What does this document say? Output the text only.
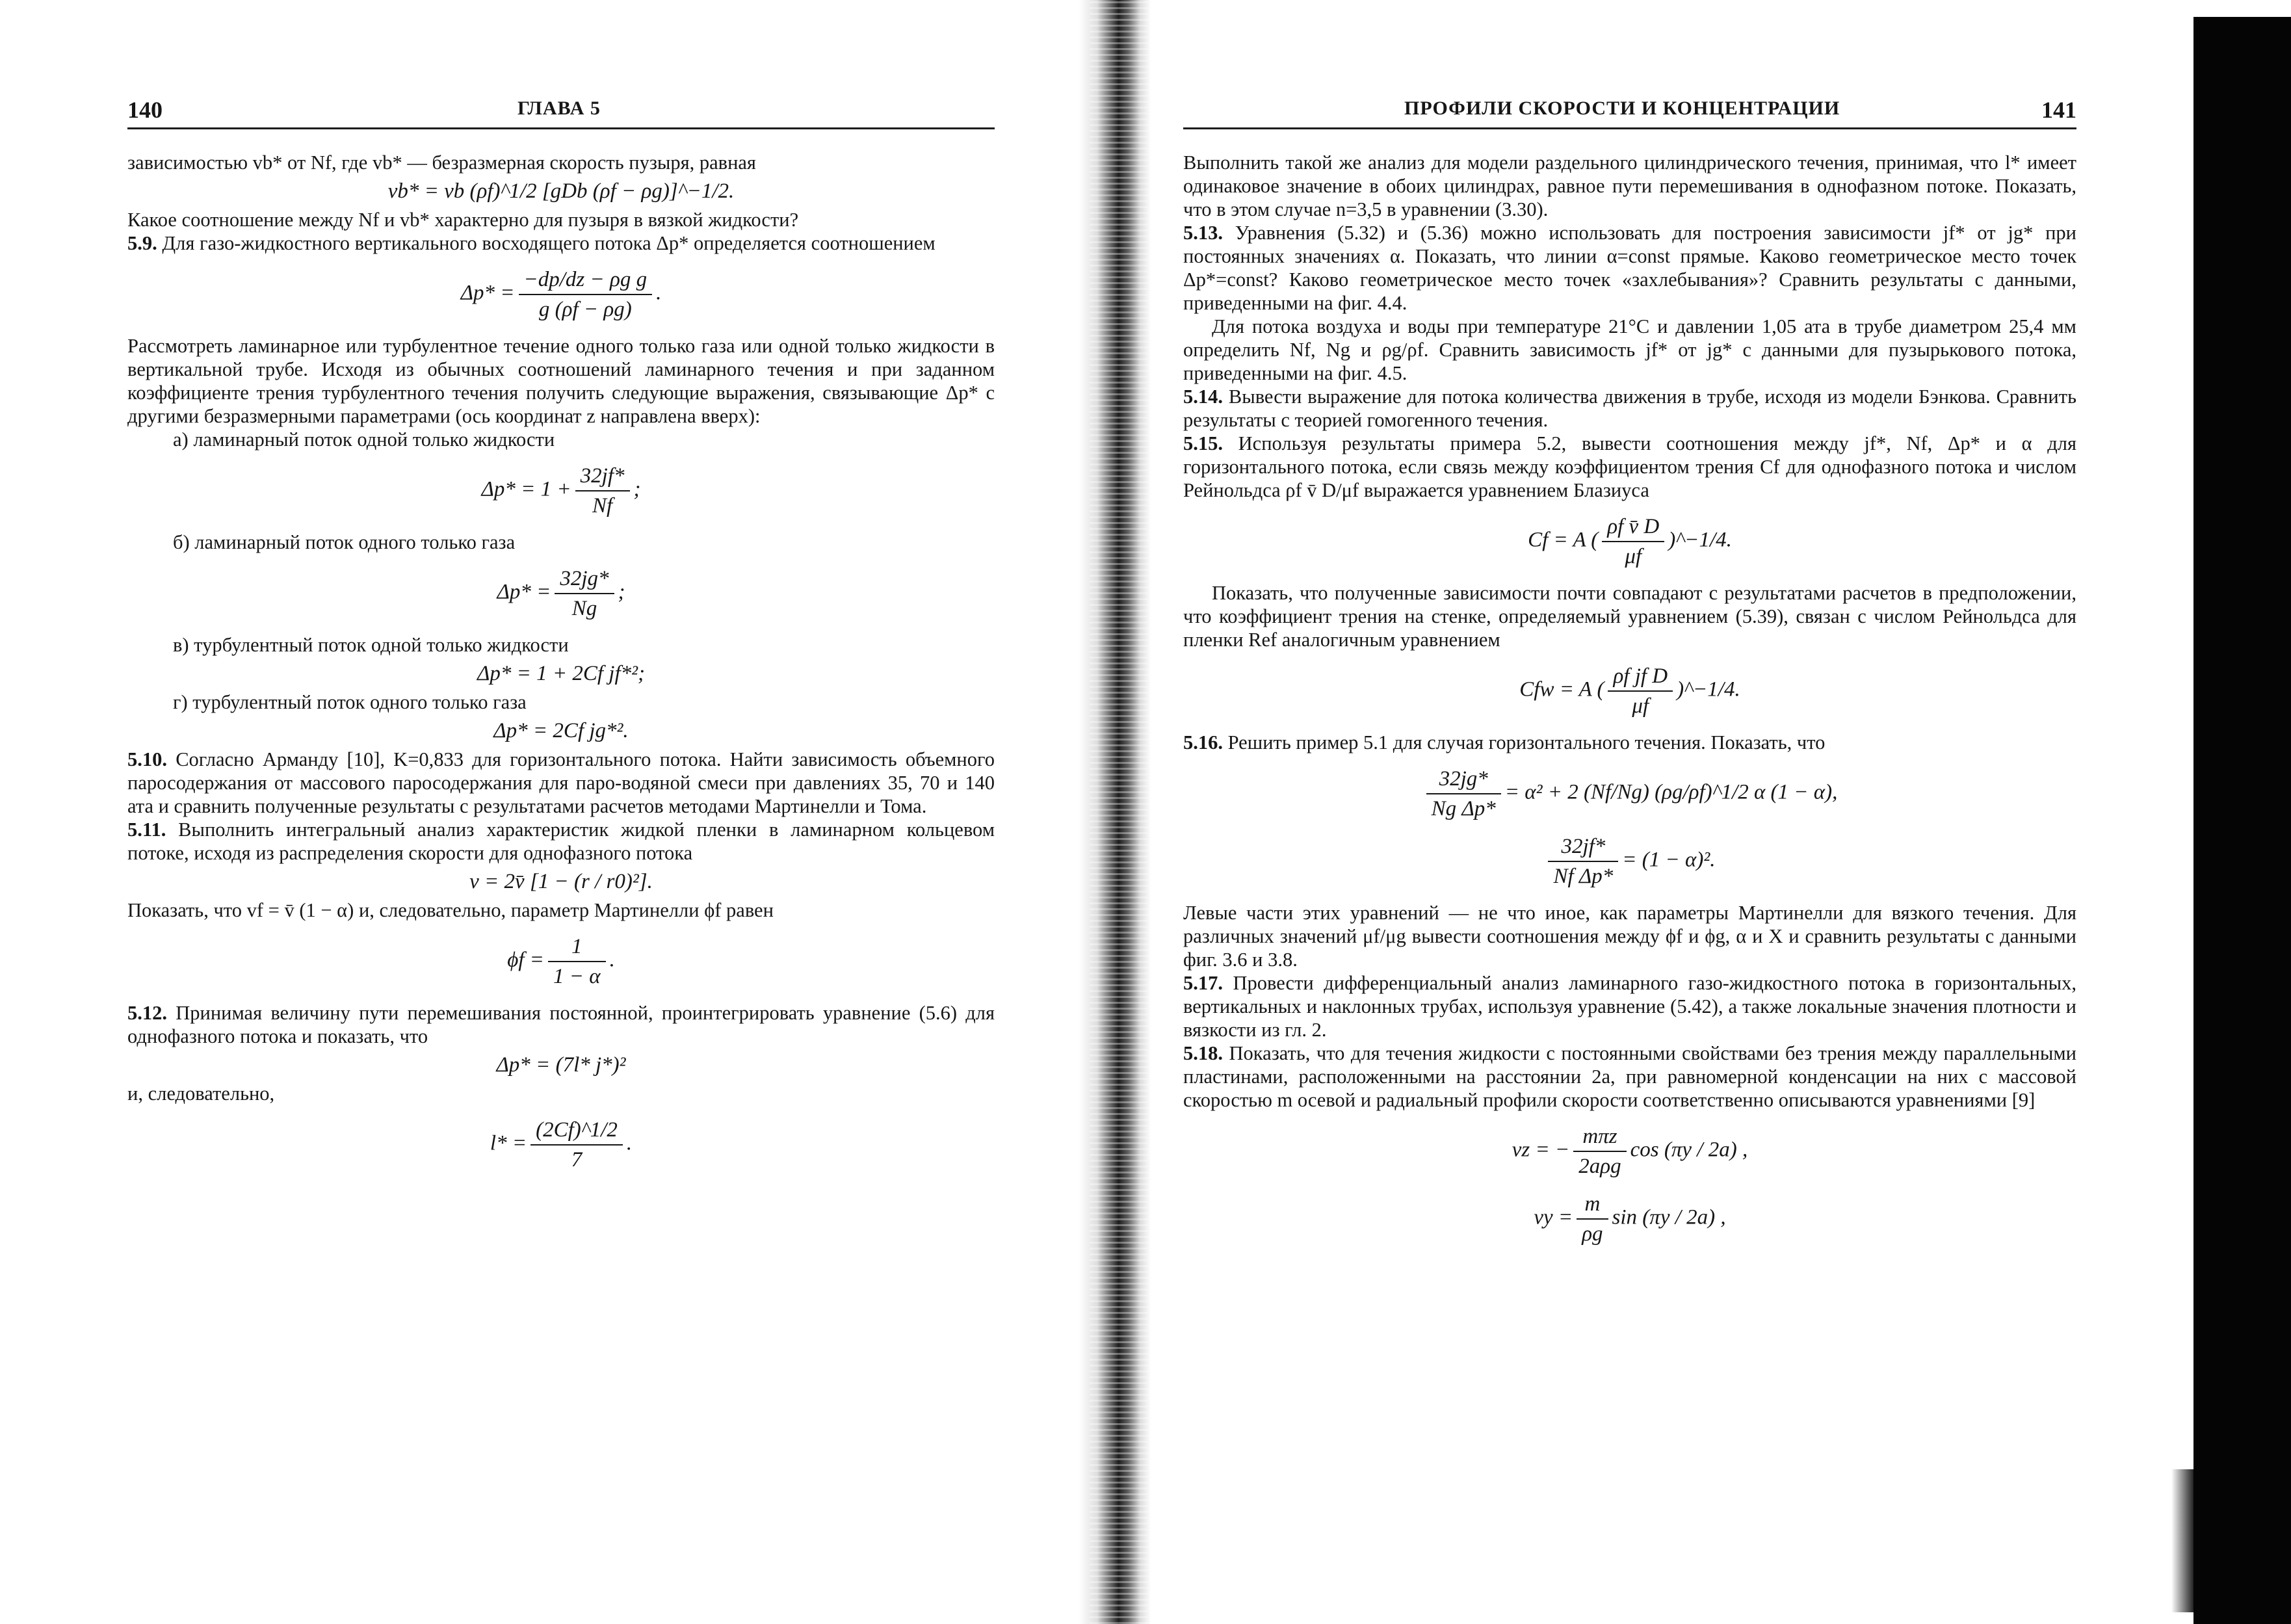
140	ГЛАВА 5

зависимостью vb* от Nf, где vb* — безразмерная скорость пузыря, равная

vb* = vb (ρf)^1/2 [gDb (ρf − ρg)]^−1/2.

Какое соотношение между Nf и vb* характерно для пузыря в вязкой жидкости?

5.9. Для газо-жидкостного вертикального восходящего потока Δp* определяется соотношением

$\Delta p* = \frac{\text{−dp/dz − ρg g}}{g (\rho f - \rho g)}$ .

Рассмотреть ламинарное или турбулентное течение одного только газа или одной только жидкости в вертикальной трубе. Исходя из обычных соотношений ламинарного течения и при заданном коэффициенте трения турбулентного течения получить следующие выражения, связывающие Δp* с другими безразмерными параметрами (ось координат z направлена вверх):

а) ламинарный поток одной только жидкости

$\Delta p* = 1 + \frac{32jf*}{Nf}$ ;

б) ламинарный поток одного только газа

$\Delta p* = \frac{32jg*}{Ng}$ ;

в) турбулентный поток одной только жидкости

Δp* = 1 + 2Cf jf*²;

г) турбулентный поток одного только газа

Δp* = 2Cf jg*².

5.10. Согласно Арманду [10], K=0,833 для горизонтального потока. Найти зависимость объемного паросодержания от массового паросодержания для паро-водяной смеси при давлениях 35, 70 и 140 ата и сравнить полученные результаты с результатами расчетов методами Мартинелли и Тома.

5.11. Выполнить интегральный анализ характеристик жидкой пленки в ламинарном кольцевом потоке, исходя из распределения скорости для однофазного потока

v = 2v̄ [1 − (r / r0)²].

Показать, что vf = v̄ (1 − α) и, следовательно, параметр Мартинелли ϕf равен

$\phi f = \frac{1}{1 - \alpha}$ .

5.12. Принимая величину пути перемешивания постоянной, проинтегрировать уравнение (5.6) для однофазного потока и показать, что

Δp* = (7l* j*)²

и, следовательно,

$l* = \frac{(2Cf)\^{}1/2}{7}$ .
ПРОФИЛИ СКОРОСТИ И КОНЦЕНТРАЦИИ	141

Выполнить такой же анализ для модели раздельного цилиндрического течения, принимая, что l* имеет одинаковое значение в обоих цилиндрах, равное пути перемешивания в однофазном потоке. Показать, что в этом случае n=3,5 в уравнении (3.30).

5.13. Уравнения (5.32) и (5.36) можно использовать для построения зависимости jf* от jg* при постоянных значениях α. Показать, что линии α=const прямые. Каково геометрическое место точек Δp*=const? Каково геометрическое место точек «захлебывания»? Сравнить результаты с данными, приведенными на фиг. 4.4.

Для потока воздуха и воды при температуре 21°C и давлении 1,05 ата в трубе диаметром 25,4 мм определить Nf, Ng и ρg/ρf. Сравнить зависимость jf* от jg* с данными для пузырькового потока, приведенными на фиг. 4.5.

5.14. Вывести выражение для потока количества движения в трубе, исходя из модели Бэнкова. Сравнить результаты с теорией гомогенного течения.

5.15. Используя результаты примера 5.2, вывести соотношения между jf*, Nf, Δp* и α для горизонтального потока, если связь между коэффициентом трения Cf для однофазного потока и числом Рейнольдса ρf v̄ D/μf выражается уравнением Блазиуса

Cf = A ( $\frac{\text{ρf v̄ D}}{\mu f}$ )^−1/4.

Показать, что полученные зависимости почти совпадают с результатами расчетов в предположении, что коэффициент трения на стенке, определяемый уравнением (5.39), связан с числом Рейнольдса для пленки Ref аналогичным уравнением

Cfw = A ( $\frac{\text{ρf jf D}}{\mu f}$ )^−1/4.

5.16. Решить пример 5.1 для случая горизонтального течения. Показать, что

$\frac{32jg*}{\text{Ng Δp*}} = \alpha^2 + 2$ (Nf/Ng) (ρg/ρf)^1/2 α (1 − α),
$\frac{32jf*}{\text{Nf Δp*}} = (1 - \alpha)^2$.

Левые части этих уравнений — не что иное, как параметры Мартинелли для вязкого течения. Для различных значений μf/μg вывести соотношения между ϕf и ϕg, α и X и сравнить результаты с данными фиг. 3.6 и 3.8.

5.17. Провести дифференциальный анализ ламинарного газо-жидкостного потока в горизонтальных, вертикальных и наклонных трубах, используя уравнение (5.42), а также локальные значения плотности и вязкости из гл. 2.

5.18. Показать, что для течения жидкости с постоянными свойствами без трения между параллельными пластинами, расположенными на расстоянии 2a, при равномерной конденсации на них с массовой скоростью m осевой и радиальный профили скорости соответственно описываются уравнениями [9]

vz = −
mπz
2aρg
cos (πy / 2a) ,
vy = $\frac{m}{\rho g}$ sin (πy / 2a) ,
